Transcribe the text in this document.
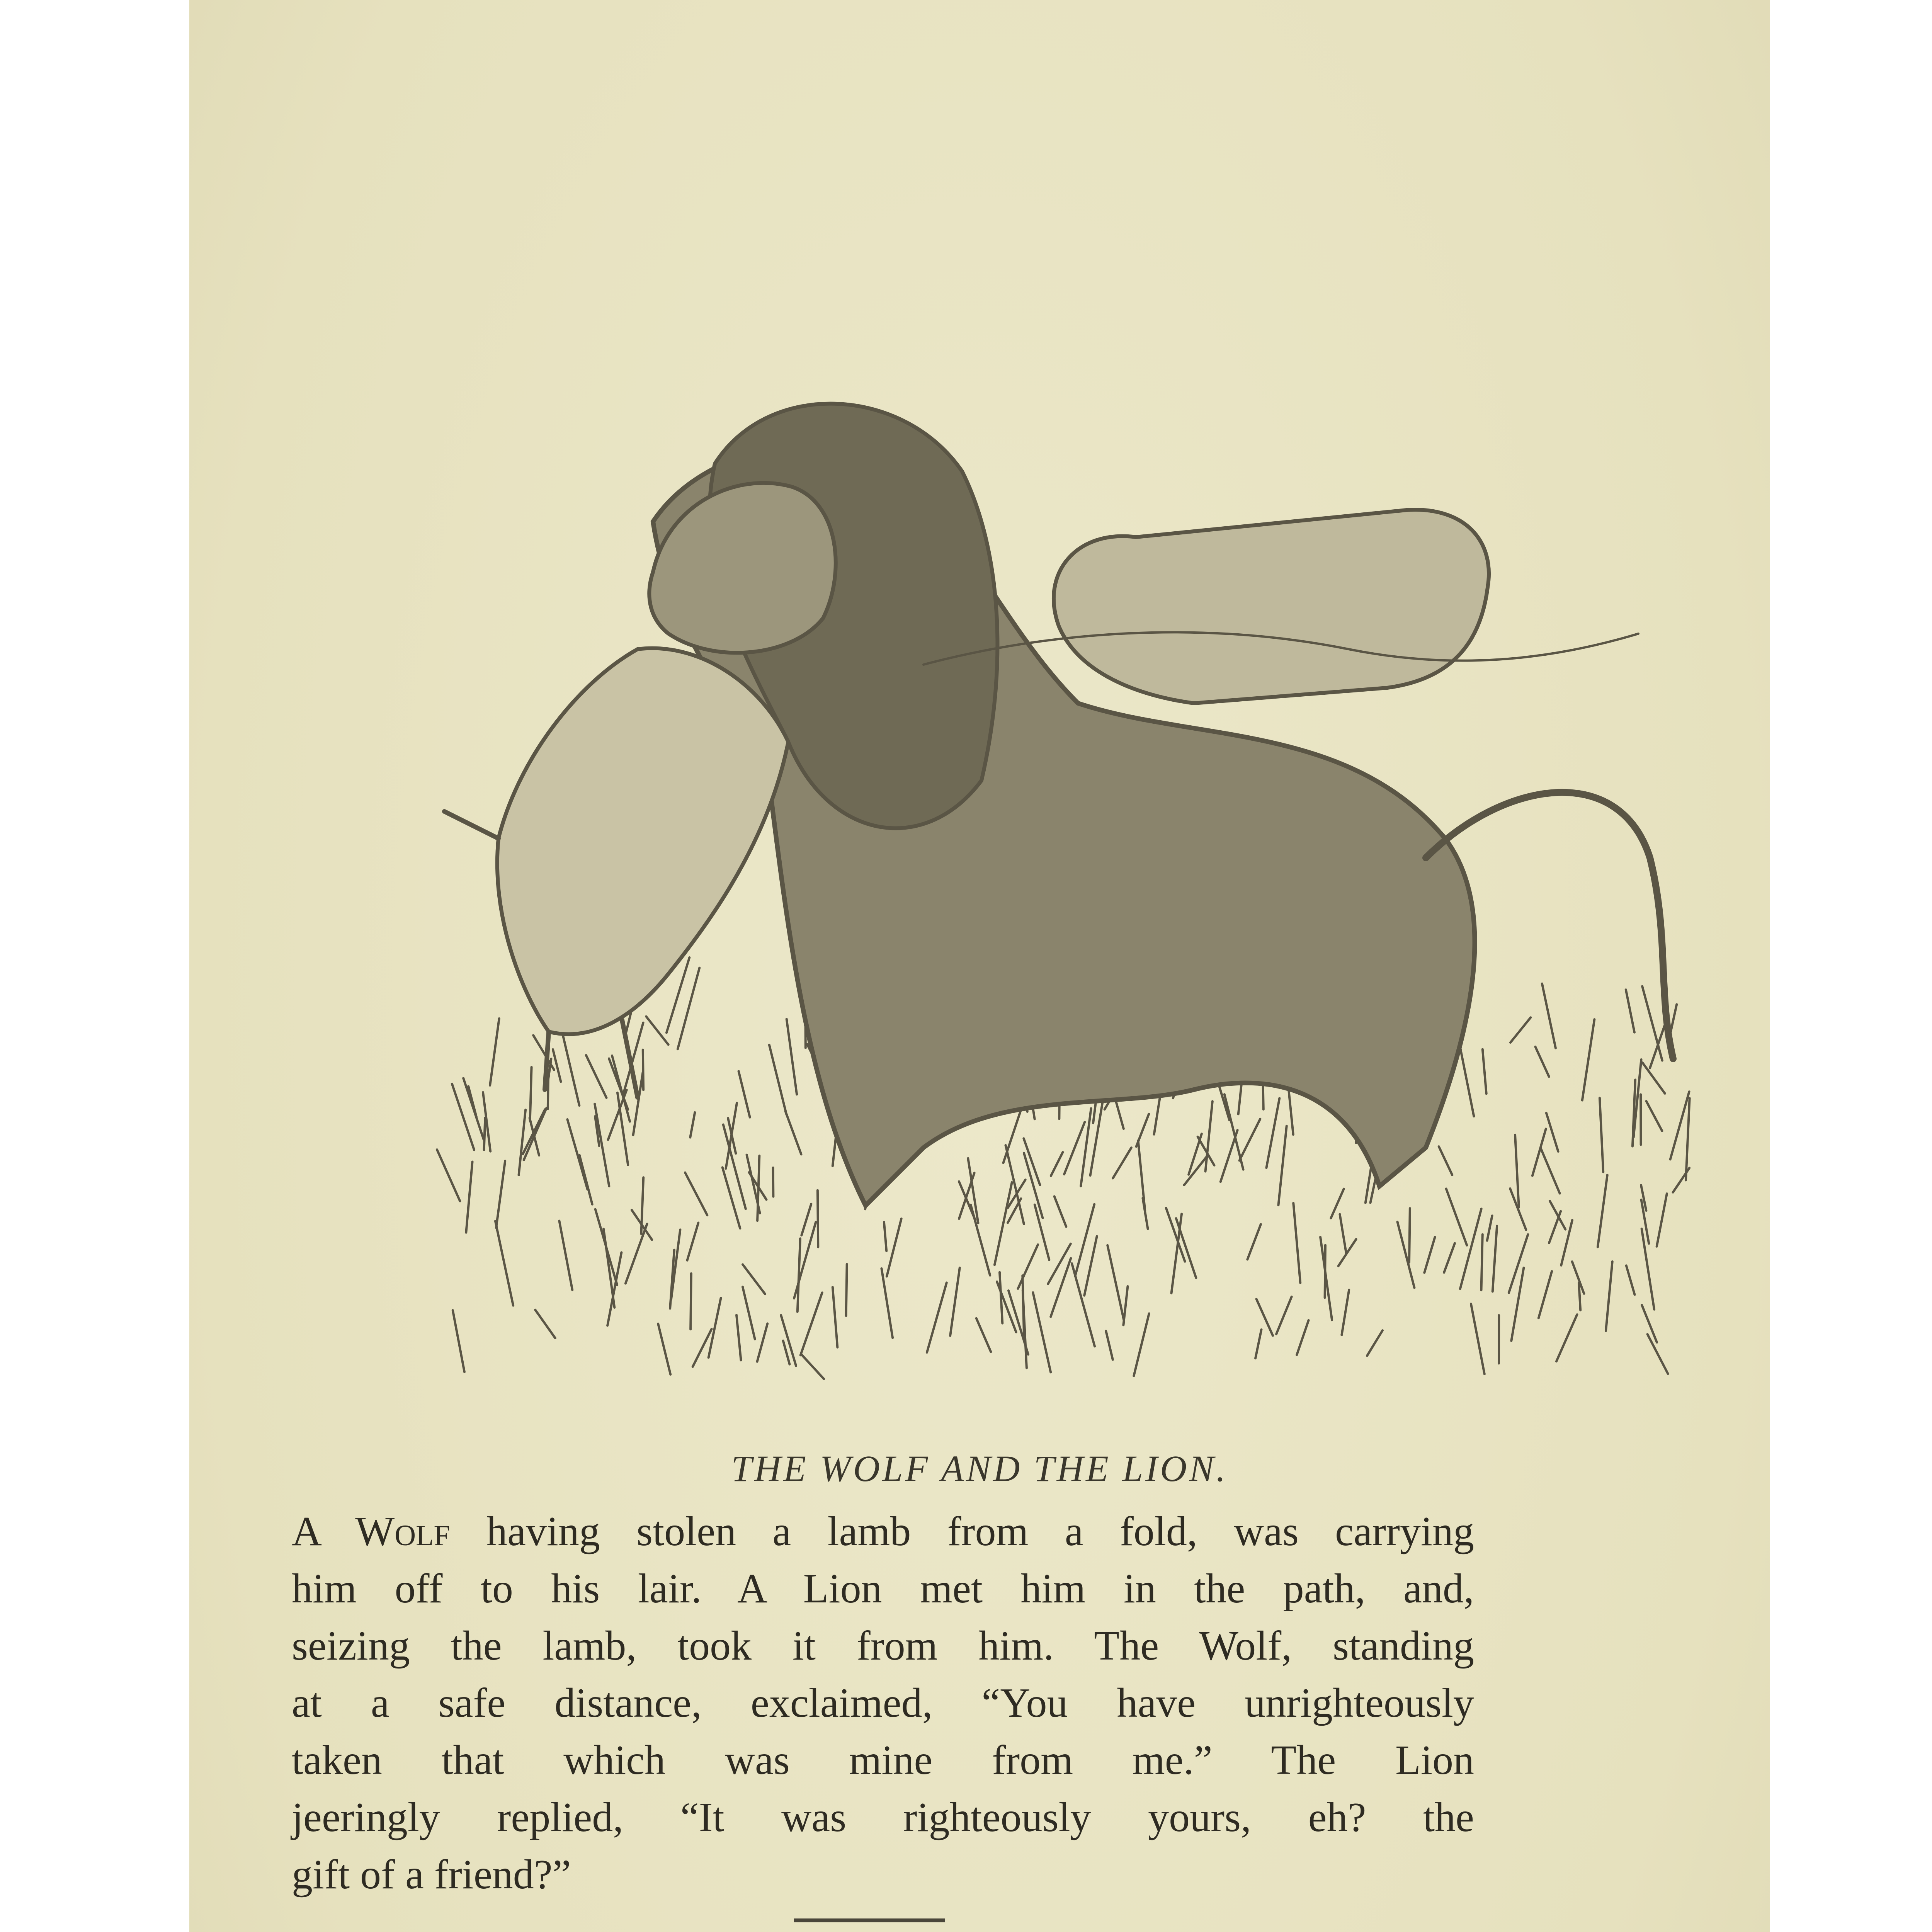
THE WOLF AND THE LION.
A Wolf having stolen a lamb from a fold, was carrying
him off to his lair. A Lion met him in the path, and,
seizing the lamb, took it from him. The Wolf, standing
at a safe distance, exclaimed, “You have unrighteously
taken that which was mine from me.” The Lion
jeeringly replied, “It was righteously yours, eh? the
gift of a friend?”
